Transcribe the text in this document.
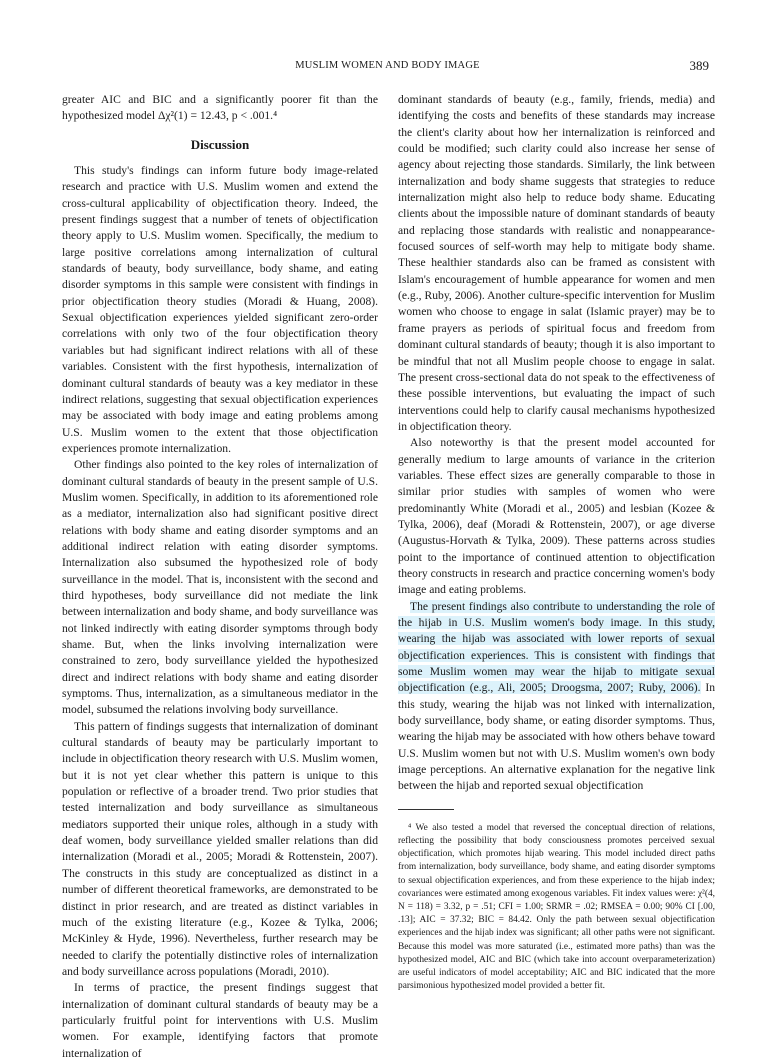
MUSLIM WOMEN AND BODY IMAGE	389

greater AIC and BIC and a significantly poorer fit than the hypothesized model Δχ²(1) = 12.43, p < .001.⁴

Discussion

This study's findings can inform future body image-related research and practice with U.S. Muslim women and extend the cross-cultural applicability of objectification theory. Indeed, the present findings suggest that a number of tenets of objectification theory apply to U.S. Muslim women. Specifically, the medium to large positive correlations among internalization of cultural standards of beauty, body surveillance, body shame, and eating disorder symptoms in this sample were consistent with findings in prior objectification theory studies (Moradi & Huang, 2008). Sexual objectification experiences yielded significant zero-order correlations with only two of the four objectification theory variables but had significant indirect relations with all of these variables. Consistent with the first hypothesis, internalization of dominant cultural standards of beauty was a key mediator in these indirect relations, suggesting that sexual objectification experiences may be associated with body image and eating problems among U.S. Muslim women to the extent that those objectification experiences promote internalization.

Other findings also pointed to the key roles of internalization of dominant cultural standards of beauty in the present sample of U.S. Muslim women. Specifically, in addition to its aforementioned role as a mediator, internalization also had significant positive direct relations with body shame and eating disorder symptoms and an additional indirect relation with eating disorder symptoms. Internalization also subsumed the hypothesized role of body surveillance in the model. That is, inconsistent with the second and third hypotheses, body surveillance did not mediate the link between internalization and body shame, and body surveillance was not linked indirectly with eating disorder symptoms through body shame. But, when the links involving internalization were constrained to zero, body surveillance yielded the hypothesized direct and indirect relations with body shame and eating disorder symptoms. Thus, internalization, as a simultaneous mediator in the model, subsumed the relations involving body surveillance.

This pattern of findings suggests that internalization of dominant cultural standards of beauty may be particularly important to include in objectification theory research with U.S. Muslim women, but it is not yet clear whether this pattern is unique to this population or reflective of a broader trend. Two prior studies that tested internalization and body surveillance as simultaneous mediators supported their unique roles, although in a study with deaf women, body surveillance yielded smaller relations than did internalization (Moradi et al., 2005; Moradi & Rottenstein, 2007). The constructs in this study are conceptualized as distinct in a number of different theoretical frameworks, are demonstrated to be distinct in prior research, and are treated as distinct variables in much of the existing literature (e.g., Kozee & Tylka, 2006; McKinley & Hyde, 1996). Nevertheless, further research may be needed to clarify the potentially distinctive roles of internalization and body surveillance across populations (Moradi, 2010).

In terms of practice, the present findings suggest that internalization of dominant cultural standards of beauty may be a particularly fruitful point for interventions with U.S. Muslim women. For example, identifying factors that promote internalization of

dominant standards of beauty (e.g., family, friends, media) and identifying the costs and benefits of these standards may increase the client's clarity about how her internalization is reinforced and could be modified; such clarity could also increase her sense of agency about rejecting those standards. Similarly, the link between internalization and body shame suggests that strategies to reduce internalization might also help to reduce body shame. Educating clients about the impossible nature of dominant standards of beauty and replacing those standards with realistic and nonappearance-focused sources of self-worth may help to mitigate body shame. These healthier standards also can be framed as consistent with Islam's encouragement of humble appearance for women and men (e.g., Ruby, 2006). Another culture-specific intervention for Muslim women who choose to engage in salat (Islamic prayer) may be to frame prayers as periods of spiritual focus and freedom from dominant cultural standards of beauty; though it is also important to be mindful that not all Muslim people choose to engage in salat. The present cross-sectional data do not speak to the effectiveness of these possible interventions, but evaluating the impact of such interventions could help to clarify causal mechanisms hypothesized in objectification theory.

Also noteworthy is that the present model accounted for generally medium to large amounts of variance in the criterion variables. These effect sizes are generally comparable to those in similar prior studies with samples of women who were predominantly White (Moradi et al., 2005) and lesbian (Kozee & Tylka, 2006), deaf (Moradi & Rottenstein, 2007), or age diverse (Augustus-Horvath & Tylka, 2009). These patterns across studies point to the importance of continued attention to objectification theory constructs in research and practice concerning women's body image and eating problems.

The present findings also contribute to understanding the role of the hijab in U.S. Muslim women's body image. In this study, wearing the hijab was associated with lower reports of sexual objectification experiences. This is consistent with findings that some Muslim women may wear the hijab to mitigate sexual objectification (e.g., Ali, 2005; Droogsma, 2007; Ruby, 2006). In this study, wearing the hijab was not linked with internalization, body surveillance, body shame, or eating disorder symptoms. Thus, wearing the hijab may be associated with how others behave toward U.S. Muslim women but not with U.S. Muslim women's own body image perceptions. An alternative explanation for the negative link between the hijab and reported sexual objectification

⁴ We also tested a model that reversed the conceptual direction of relations, reflecting the possibility that body consciousness promotes perceived sexual objectification, which promotes hijab wearing. This model included direct paths from internalization, body surveillance, body shame, and eating disorder symptoms to sexual objectification experiences, and from these experience to the hijab index; covariances were estimated among exogenous variables. Fit index values were: χ²(4, N = 118) = 3.32, p = .51; CFI = 1.00; SRMR = .02; RMSEA = 0.00; 90% CI [.00, .13]; AIC = 37.32; BIC = 84.42. Only the path between sexual objectification experiences and the hijab index was significant; all other paths were not significant. Because this model was more saturated (i.e., estimated more paths) than was the hypothesized model, AIC and BIC (which take into account overparameterization) are useful indicators of model acceptability; AIC and BIC indicated that the more parsimonious hypothesized model provided a better fit.
